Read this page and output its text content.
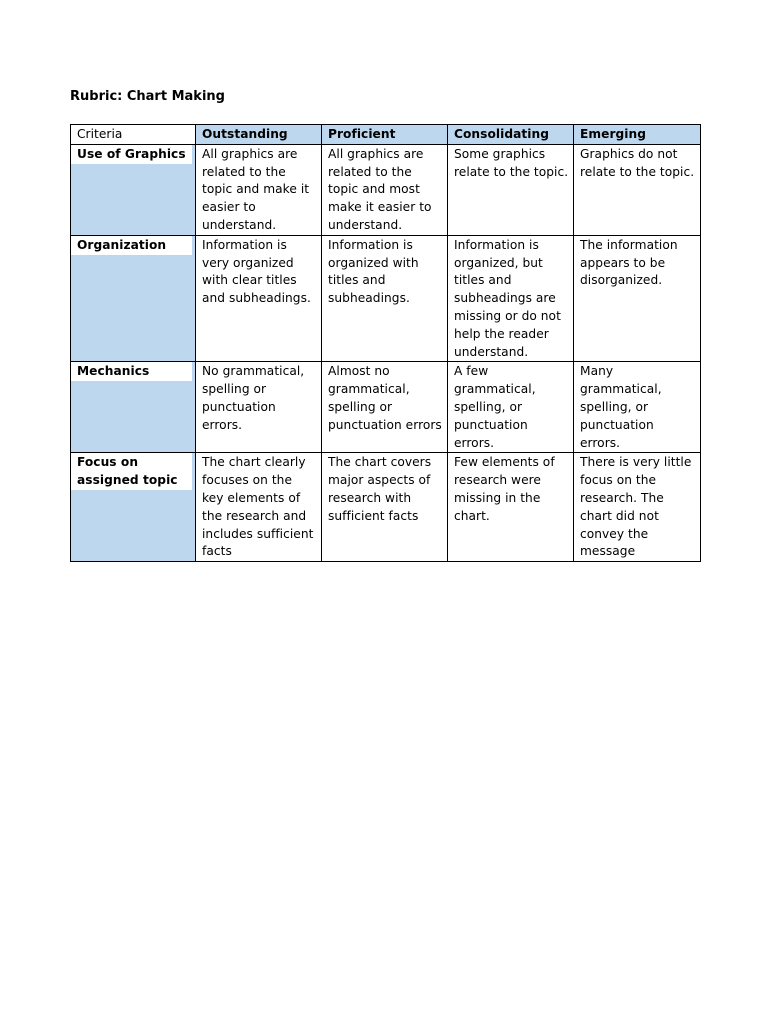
Rubric: Chart Making
Criteria	Outstanding	Proficient	Consolidating	Emerging

Use of Graphics	All graphics are related to the topic and make it easier to understand.	All graphics are related to the topic and most make it easier to understand.	Some graphics relate to the topic.	Graphics do not relate to the topic.

Organization	Information is very organized with clear titles and subheadings.	Information is organized with titles and subheadings.	Information is organized, but titles and subheadings are missing or do not help the reader understand.	The information appears to be disorganized.

Mechanics	No grammatical, spelling or punctuation errors.	Almost no grammatical, spelling or punctuation errors	A few grammatical, spelling, or punctuation errors.	Many grammatical, spelling, or punctuation errors.

Focus on assigned topic	The chart clearly focuses on the key elements of the research and includes sufficient facts	The chart covers major aspects of research with sufficient facts	Few elements of research were missing in the chart.	There is very little focus on the research. The chart did not convey the message
